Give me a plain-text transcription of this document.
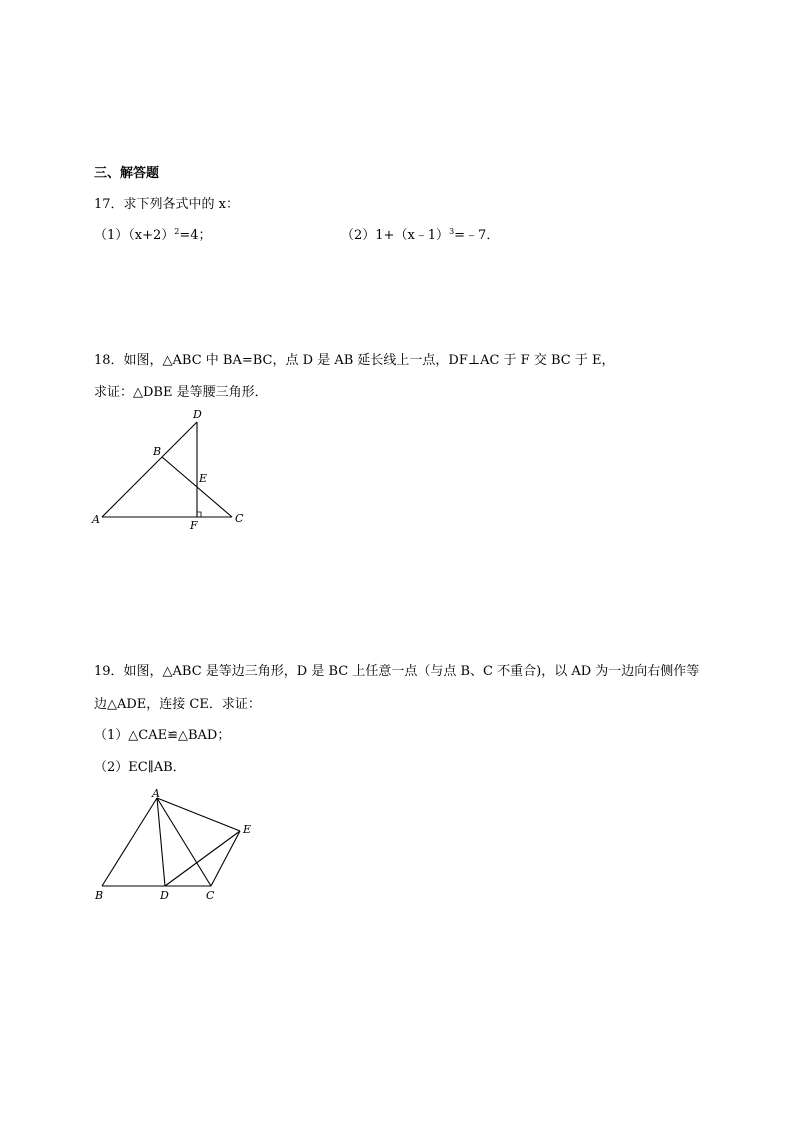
三、解答题
17．求下列各式中的 x：
$(1)(x+2)^2=4$；	（2）1+（x﹣1）$^3$=﹣7．
18．如图，△ABC 中 BA=BC，点 D 是 AB 延长线上一点，DF⊥AC 于 F 交 BC 于 E，
求证：△DBE 是等腰三角形．
A
B
C
D
E
F
19．如图，△ABC 是等边三角形，D 是 BC 上任意一点（与点 B、C 不重合)，以 AD 为一边向右侧作等
边△ADE，连接 CE．求证：
（1）△CAE≌△BAD；
（2）EC∥AB．
A
B	C
D
E
